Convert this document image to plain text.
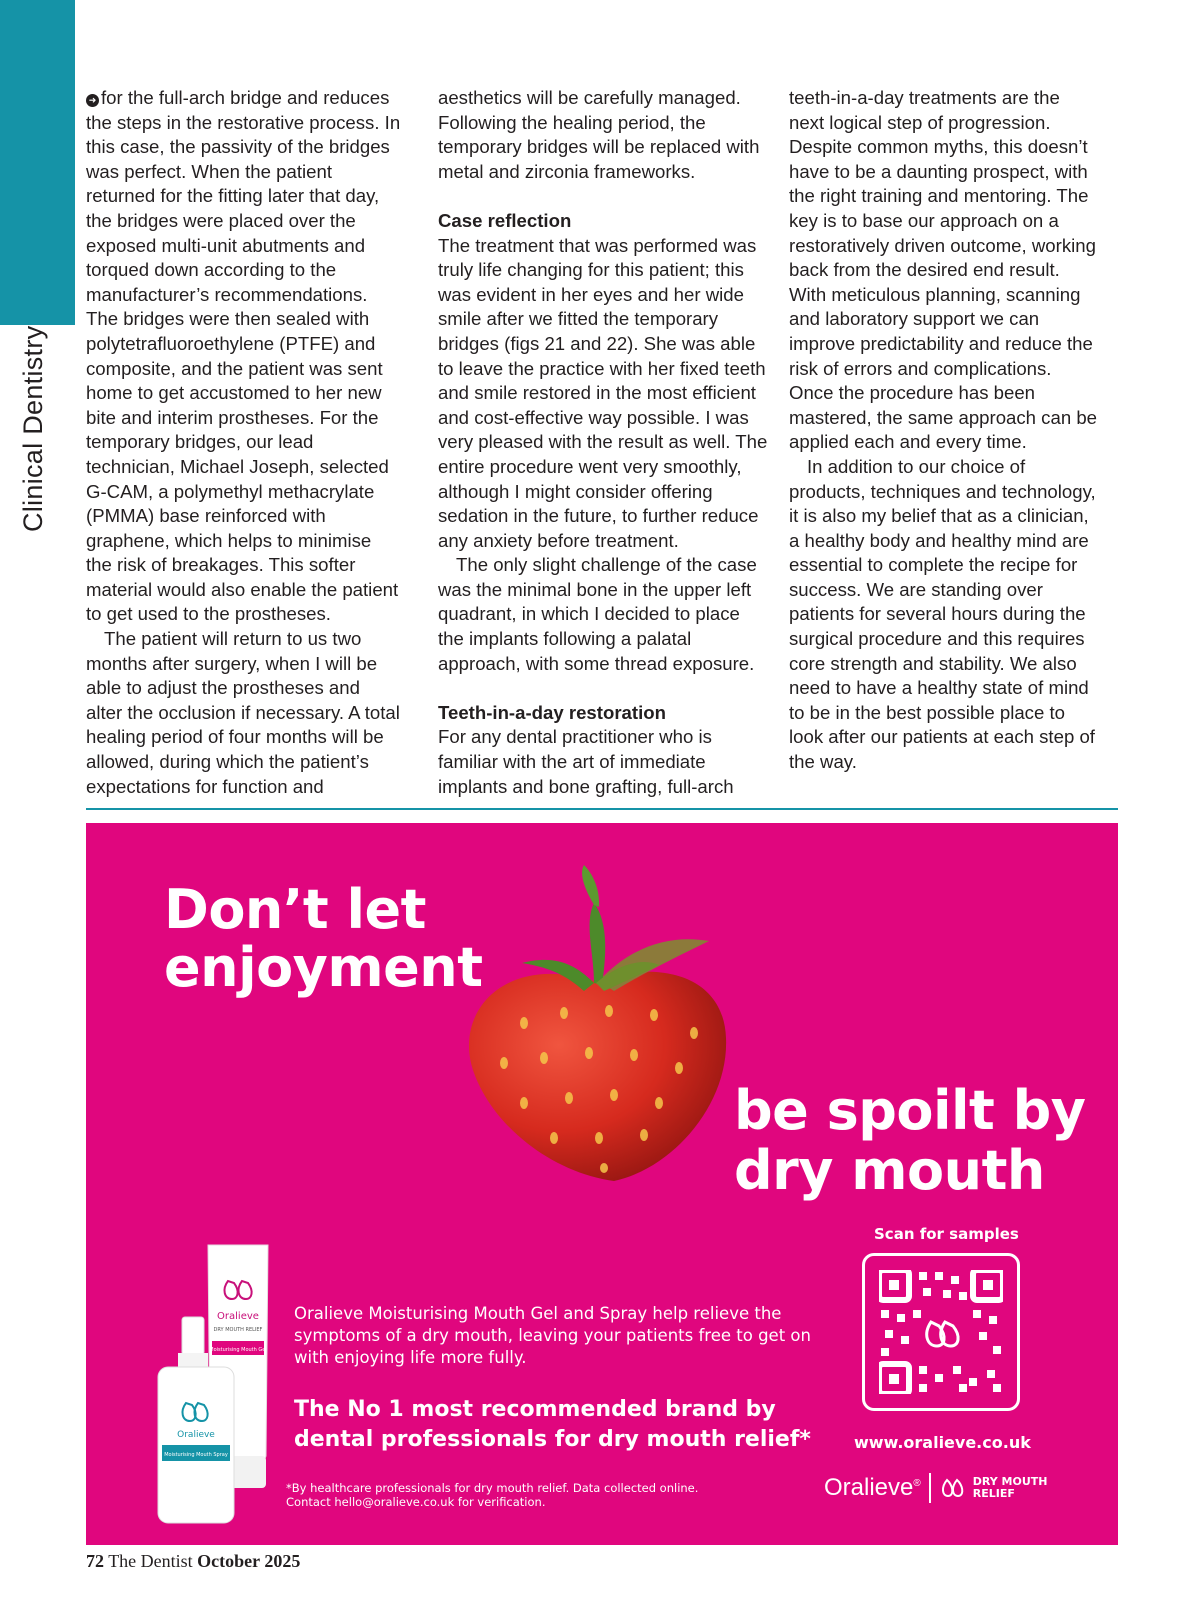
Clinical Dentistry

➜ for the full-arch bridge and reduces the steps in the restorative process. In this case, the passivity of the bridges was perfect. When the patient returned for the fitting later that day, the bridges were placed over the exposed multi-unit abutments and torqued down according to the manufacturer’s recommendations. The bridges were then sealed with polytetrafluoroethylene (PTFE) and composite, and the patient was sent home to get accustomed to her new bite and interim prostheses. For the temporary bridges, our lead technician, Michael Joseph, selected G-CAM, a polymethyl methacrylate (PMMA) base reinforced with graphene, which helps to minimise the risk of breakages. This softer material would also enable the patient to get used to the prostheses.

The patient will return to us two months after surgery, when I will be able to adjust the prostheses and alter the occlusion if necessary. A total healing period of four months will be allowed, during which the patient’s expectations for function and

aesthetics will be carefully managed. Following the healing period, the temporary bridges will be replaced with metal and zirconia frameworks.

Case reflection

The treatment that was performed was truly life changing for this patient; this was evident in her eyes and her wide smile after we fitted the temporary bridges (figs 21 and 22). She was able to leave the practice with her fixed teeth and smile restored in the most efficient and cost-effective way possible. I was very pleased with the result as well. The entire procedure went very smoothly, although I might consider offering sedation in the future, to further reduce any anxiety before treatment.

The only slight challenge of the case was the minimal bone in the upper left quadrant, in which I decided to place the implants following a palatal approach, with some thread exposure.

Teeth-in-a-day restoration

For any dental practitioner who is familiar with the art of immediate implants and bone grafting, full-arch

teeth-in-a-day treatments are the next logical step of progression. Despite common myths, this doesn’t have to be a daunting prospect, with the right training and mentoring. The key is to base our approach on a restoratively driven outcome, working back from the desired end result. With meticulous planning, scanning and laboratory support we can improve predictability and reduce the risk of errors and complications. Once the procedure has been mastered, the same approach can be applied each and every time.

In addition to our choice of products, techniques and technology, it is also my belief that as a clinician, a healthy body and healthy mind are essential to complete the recipe for success. We are standing over patients for several hours during the surgical procedure and this requires core strength and stability. We also need to have a healthy state of mind to be in the best possible place to look after our patients at each step of the way.

Don’t let
enjoyment
be spoilt by
dry mouth
Oralieve
DRY MOUTH RELIEF
Moisturising Mouth Gel
Oralieve
Moisturising Mouth Spray

Oralieve Moisturising Mouth Gel and Spray help relieve the symptoms of a dry mouth, leaving your patients free to get on with enjoying life more fully.

The No 1 most recommended brand by dental professionals for dry mouth relief*

*By healthcare professionals for dry mouth relief. Data collected online.
Contact hello@oralieve.co.uk for verification.
Scan for samples
www.oralieve.co.uk
Oralieve®	DRY MOUTH
RELIEF
72 The Dentist October 2025
